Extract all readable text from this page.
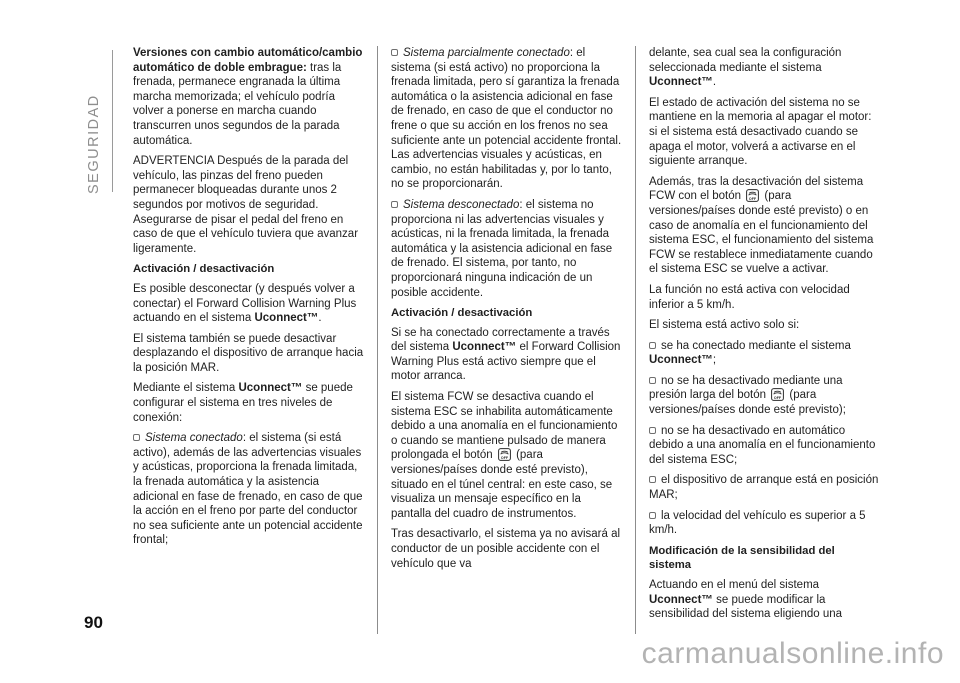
SEGURIDAD
Versiones con cambio automático/cambio automático de doble embrague: tras la frenada, permanece engranada la última marcha memorizada; el vehículo podría volver a ponerse en marcha cuando transcurren unos segundos de la parada automática.
ADVERTENCIA Después de la parada del vehículo, las pinzas del freno pueden permanecer bloqueadas durante unos 2 segundos por motivos de seguridad. Asegurarse de pisar el pedal del freno en caso de que el vehículo tuviera que avanzar ligeramente.
Activación / desactivación
Es posible desconectar (y después volver a conectar) el Forward Collision Warning Plus actuando en el sistema Uconnect™.
El sistema también se puede desactivar desplazando el dispositivo de arranque hacia la posición MAR.
Mediante el sistema Uconnect™ se puede configurar el sistema en tres niveles de conexión:
Sistema conectado: el sistema (si está activo), además de las advertencias visuales y acústicas, proporciona la frenada limitada, la frenada automática y la asistencia adicional en fase de frenado, en caso de que la acción en el freno por parte del conductor no sea suficiente ante un potencial accidente frontal;
Sistema parcialmente conectado: el sistema (si está activo) no proporciona la frenada limitada, pero sí garantiza la frenada automática o la asistencia adicional en fase de frenado, en caso de que el conductor no frene o que su acción en los frenos no sea suficiente ante un potencial accidente frontal. Las advertencias visuales y acústicas, en cambio, no están habilitadas y, por lo tanto, no se proporcionarán.
Sistema desconectado: el sistema no proporciona ni las advertencias visuales y acústicas, ni la frenada limitada, la frenada automática y la asistencia adicional en fase de frenado. El sistema, por tanto, no proporcionará ninguna indicación de un posible accidente.
Activación / desactivación
Si se ha conectado correctamente a través del sistema Uconnect™ el Forward Collision Warning Plus está activo siempre que el motor arranca.
El sistema FCW se desactiva cuando el sistema ESC se inhabilita automáticamente debido a una anomalía en el funcionamiento o cuando se mantiene pulsado de manera prolongada el botón OFF (para versiones/países donde esté previsto), situado en el túnel central: en este caso, se visualiza un mensaje específico en la pantalla del cuadro de instrumentos.
Tras desactivarlo, el sistema ya no avisará al conductor de un posible accidente con el vehículo que va
delante, sea cual sea la configuración seleccionada mediante el sistema Uconnect™.
El estado de activación del sistema no se mantiene en la memoria al apagar el motor: si el sistema está desactivado cuando se apaga el motor, volverá a activarse en el siguiente arranque.
Además, tras la desactivación del sistema FCW con el botón OFF (para versiones/países donde esté previsto) o en caso de anomalía en el funcionamiento del sistema ESC, el funcionamiento del sistema FCW se restablece inmediatamente cuando el sistema ESC se vuelve a activar.
La función no está activa con velocidad inferior a 5 km/h.
El sistema está activo solo si:
se ha conectado mediante el sistema Uconnect™;
no se ha desactivado mediante una presión larga del botón OFF (para versiones/países donde esté previsto);
no se ha desactivado en automático debido a una anomalía en el funcionamiento del sistema ESC;
el dispositivo de arranque está en posición MAR;
la velocidad del vehículo es superior a 5 km/h.
Modificación de la sensibilidad del sistema
Actuando en el menú del sistema Uconnect™ se puede modificar la sensibilidad del sistema eligiendo una
90
carmanualsonline.info
